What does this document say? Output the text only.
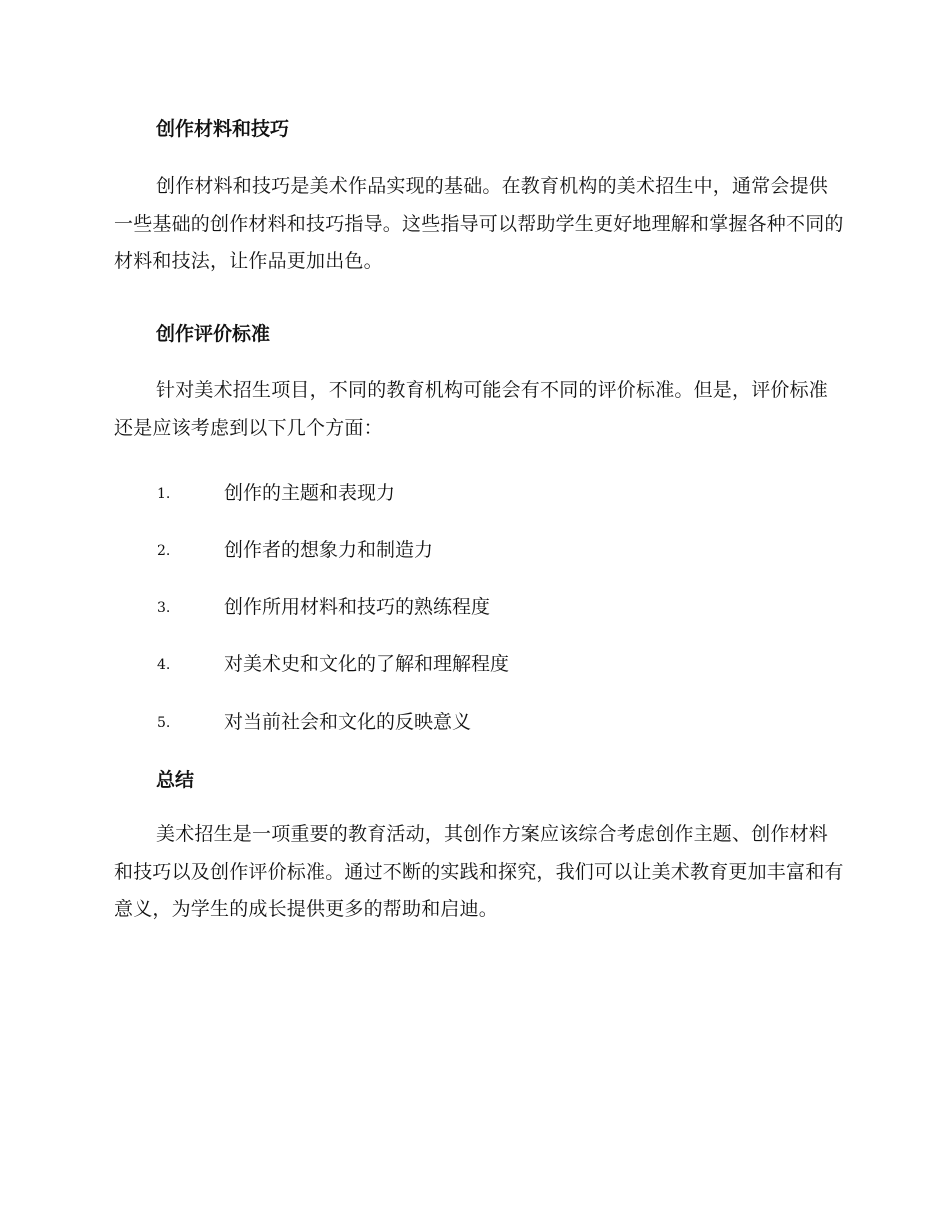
创作材料和技巧
创作材料和技巧是美术作品实现的基础。在教育机构的美术招生中，通常会提供一些基础的创作材料和技巧指导。这些指导可以帮助学生更好地理解和掌握各种不同的材料和技法，让作品更加出色。
创作评价标准
针对美术招生项目，不同的教育机构可能会有不同的评价标准。但是，评价标准还是应该考虑到以下几个方面：
1.	创作的主题和表现力
2.	创作者的想象力和制造力
3.	创作所用材料和技巧的熟练程度
4.	对美术史和文化的了解和理解程度
5.	对当前社会和文化的反映意义
总结
美术招生是一项重要的教育活动，其创作方案应该综合考虑创作主题、创作材料和技巧以及创作评价标准。通过不断的实践和探究，我们可以让美术教育更加丰富和有意义，为学生的成长提供更多的帮助和启迪。
